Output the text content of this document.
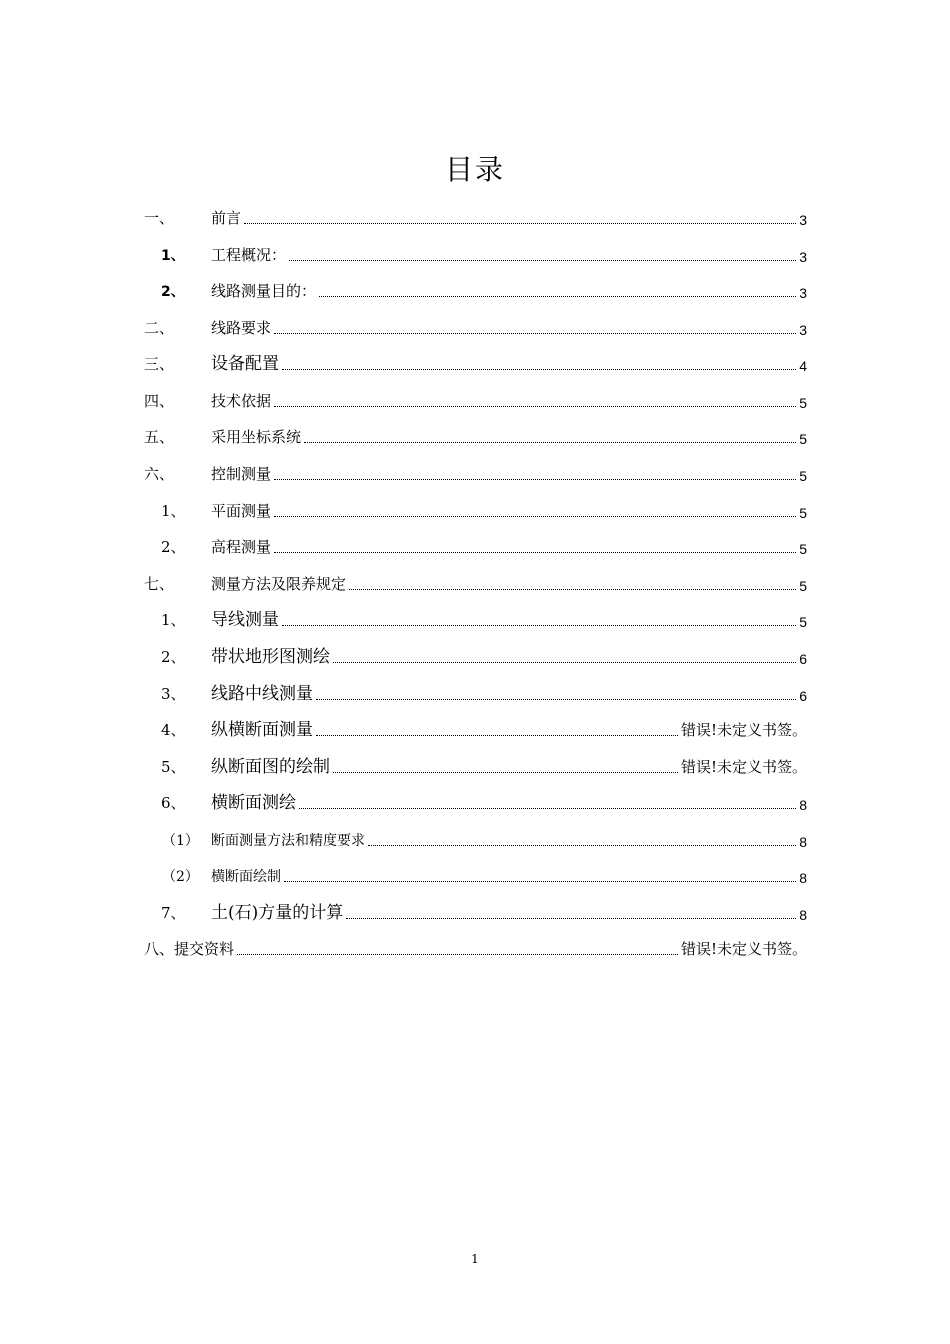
目录
一、 前言	3
1、 工程概况：	3
2、 线路测量目的：	3
二、 线路要求	3
三、 设备配置	4
四、 技术依据	5
五、 采用坐标系统	5
六、 控制测量	5
1、 平面测量	5
2、 高程测量	5
七、 测量方法及限养规定	5
1、 导线测量	5
2、 带状地形图测绘	6
3、 线路中线测量	6
4、 纵横断面测量	错误!未定义书签。
5、 纵断面图的绘制	错误!未定义书签。
6、 横断面测绘	8
（1） 断面测量方法和精度要求	8
（2） 横断面绘制	8
7、 土(石)方量的计算	8
八、提交资料	错误!未定义书签。
1
